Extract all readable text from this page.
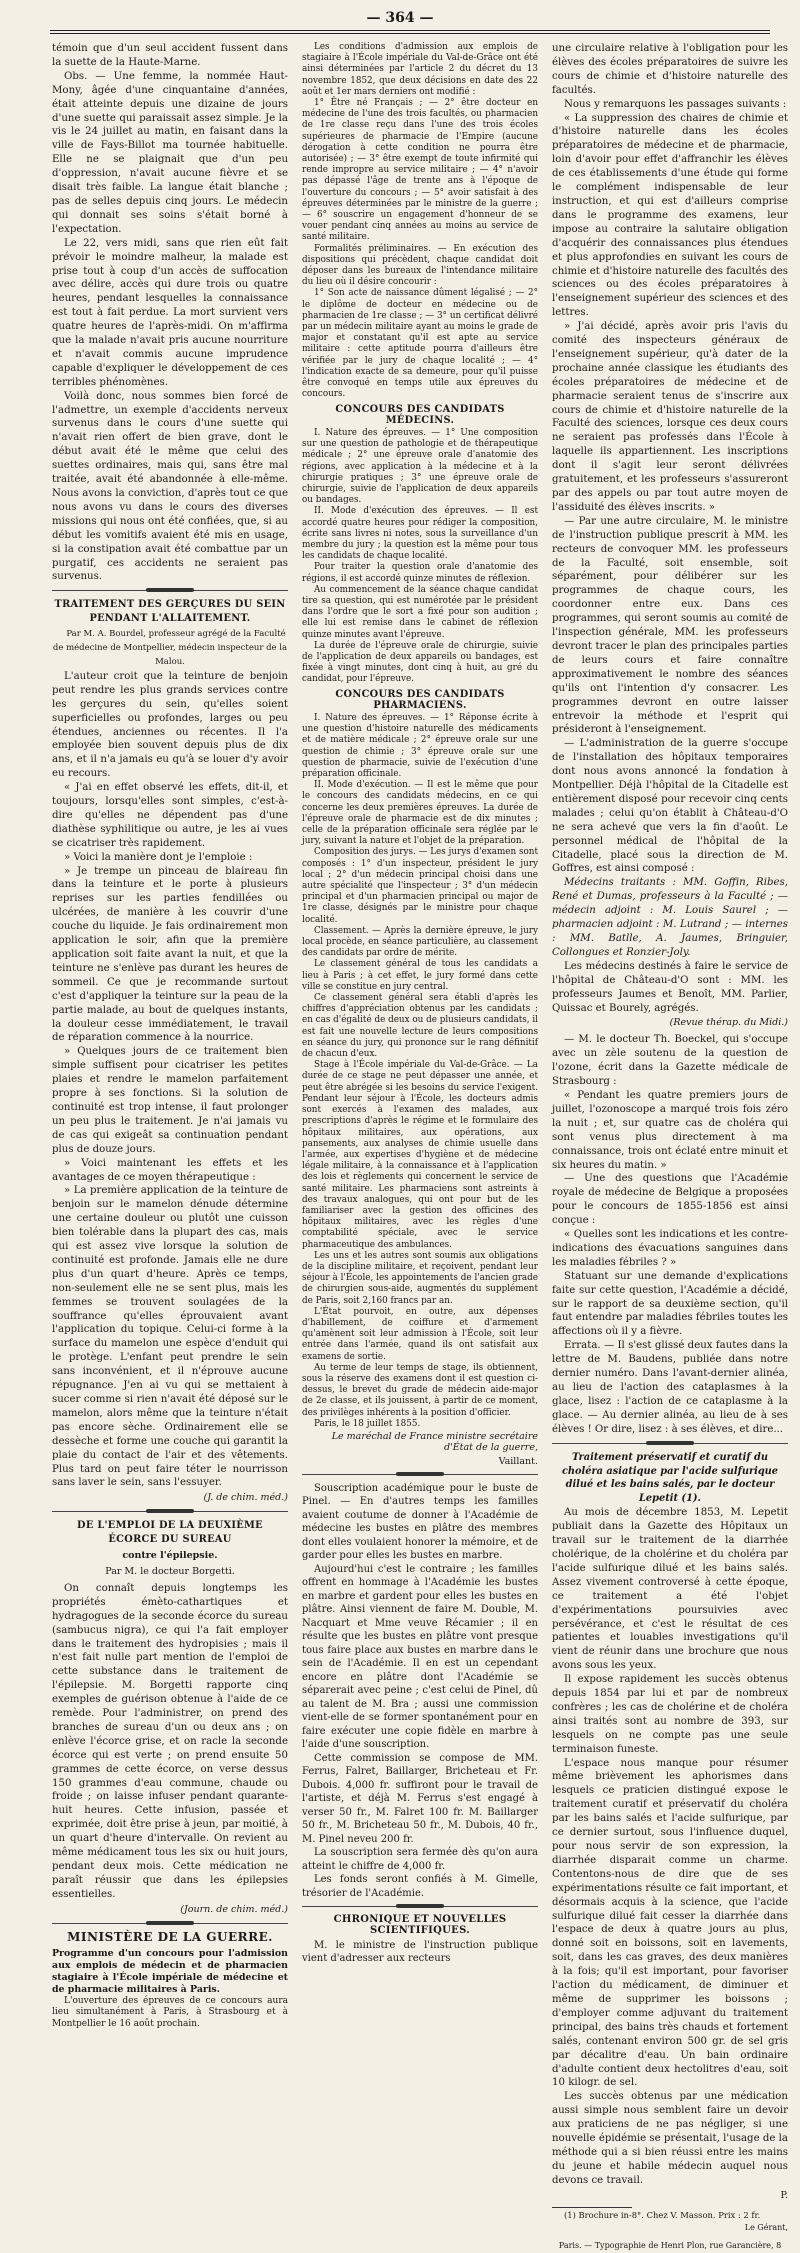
— 364 —

témoin que d'un seul accident fussent dans la suette de la Haute-Marne.

Obs. — Une femme, la nommée Haut-Mony, âgée d'une cinquantaine d'années, était atteinte depuis une dizaine de jours d'une suette qui paraissait assez simple. Je la vis le 24 juillet au matin, en faisant dans la ville de Fays-Billot ma tournée habituelle. Elle ne se plaignait que d'un peu d'oppression, n'avait aucune fièvre et se disait très faible. La langue était blanche ; pas de selles depuis cinq jours. Le médecin qui donnait ses soins s'était borné à l'expectation.

Le 22, vers midi, sans que rien eût fait prévoir le moindre malheur, la malade est prise tout à coup d'un accès de suffocation avec délire, accès qui dure trois ou quatre heures, pendant lesquelles la connaissance est tout à fait perdue. La mort survient vers quatre heures de l'après-midi. On m'affirma que la malade n'avait pris aucune nourriture et n'avait commis aucune imprudence capable d'expliquer le développement de ces terribles phénomènes.

Voilà donc, nous sommes bien forcé de l'admettre, un exemple d'accidents nerveux survenus dans le cours d'une suette qui n'avait rien offert de bien grave, dont le début avait été le même que celui des suettes ordinaires, mais qui, sans être mal traitée, avait été abandonnée à elle-même. Nous avons la conviction, d'après tout ce que nous avons vu dans le cours des diverses missions qui nous ont été confiées, que, si au début les vomitifs avaient été mis en usage, si la constipation avait été combattue par un purgatif, ces accidents ne seraient pas survenus.

TRAITEMENT DES GERÇURES DU SEIN PENDANT L'ALLAITEMENT.

Par M. A. Bourdel, professeur agrégé de la Faculté de médecine de Montpellier, médecin inspecteur de la Malou.

L'auteur croit que la teinture de benjoin peut rendre les plus grands services contre les gerçures du sein, qu'elles soient superficielles ou profondes, larges ou peu étendues, anciennes ou récentes. Il l'a employée bien souvent depuis plus de dix ans, et il n'a jamais eu qu'à se louer d'y avoir eu recours.

« J'ai en effet observé les effets, dit-il, et toujours, lorsqu'elles sont simples, c'est-à-dire qu'elles ne dépendent pas d'une diathèse syphilitique ou autre, je les ai vues se cicatriser très rapidement.

» Voici la manière dont je l'emploie :

» Je trempe un pinceau de blaireau fin dans la teinture et le porte à plusieurs reprises sur les parties fendillées ou ulcérées, de manière à les couvrir d'une couche du liquide. Je fais ordinairement mon application le soir, afin que la première application soit faite avant la nuit, et que la teinture ne s'enlève pas durant les heures de sommeil. Ce que je recommande surtout c'est d'appliquer la teinture sur la peau de la partie malade, au bout de quelques instants, la douleur cesse immédiatement, le travail de réparation commence à la nourrice.

» Quelques jours de ce traitement bien simple suffisent pour cicatriser les petites plaies et rendre le mamelon parfaitement propre à ses fonctions. Si la solution de continuité est trop intense, il faut prolonger un peu plus le traitement. Je n'ai jamais vu de cas qui exigeât sa continuation pendant plus de douze jours.

» Voici maintenant les effets et les avantages de ce moyen thérapeutique :

» La première application de la teinture de benjoin sur le mamelon dénude détermine une certaine douleur ou plutôt une cuisson bien tolérable dans la plupart des cas, mais qui est assez vive lorsque la solution de continuité est profonde. Jamais elle ne dure plus d'un quart d'heure. Après ce temps, non-seulement elle ne se sent plus, mais les femmes se trouvent soulagées de la souffrance qu'elles éprouvaient avant l'application du topique. Celui-ci forme à la surface du mamelon une espèce d'enduit qui le protège. L'enfant peut prendre le sein sans inconvénient, et il n'éprouve aucune répugnance. J'en ai vu qui se mettaient à sucer comme si rien n'avait été déposé sur le mamelon, alors même que la teinture n'était pas encore sèche. Ordinairement elle se dessèche et forme une couche qui garantit la plaie du contact de l'air et des vêtements. Plus tard on peut faire téter le nourrisson sans laver le sein, sans l'essuyer.

(J. de chim. méd.)
DE L'EMPLOI DE LA DEUXIÈME ÉCORCE DU SUREAU
contre l'épilepsie.
Par M. le docteur Borgetti.

On connaît depuis longtemps les propriétés émèto-cathartiques et hydragogues de la seconde écorce du sureau (sambucus nigra), ce qui l'a fait employer dans le traitement des hydropisies ; mais il n'est fait nulle part mention de l'emploi de cette substance dans le traitement de l'épilepsie. M. Borgetti rapporte cinq exemples de guérison obtenue à l'aide de ce remède. Pour l'administrer, on prend des branches de sureau d'un ou deux ans ; on enlève l'écorce grise, et on racle la seconde écorce qui est verte ; on prend ensuite 50 grammes de cette écorce, on verse dessus 150 grammes d'eau commune, chaude ou froide ; on laisse infuser pendant quarante-huit heures. Cette infusion, passée et exprimée, doit être prise à jeun, par moitié, à un quart d'heure d'intervalle. On revient au même médicament tous les six ou huit jours, pendant deux mois. Cette médication ne paraît réussir que dans les épilepsies essentielles.

(Journ. de chim. méd.)
MINISTÈRE DE LA GUERRE.

Programme d'un concours pour l'admission aux emplois de médecin et de pharmacien stagiaire à l'École impériale de médecine et de pharmacie militaires à Paris.

L'ouverture des épreuves de ce concours aura lieu simultanément à Paris, à Strasbourg et à Montpellier le 16 août prochain.

Les conditions d'admission aux emplois de stagiaire à l'École impériale du Val-de-Grâce ont été ainsi déterminées par l'article 2 du décret du 13 novembre 1852, que deux décisions en date des 22 août et 1er mars derniers ont modifié :

1° Être né Français ; — 2° être docteur en médecine de l'une des trois facultés, ou pharmacien de 1re classe reçu dans l'une des trois écoles supérieures de pharmacie de l'Empire (aucune dérogation à cette condition ne pourra être autorisée) ; — 3° être exempt de toute infirmité qui rende impropre au service militaire ; — 4° n'avoir pas dépassé l'âge de trente ans à l'époque de l'ouverture du concours ; — 5° avoir satisfait à des épreuves déterminées par le ministre de la guerre ; — 6° souscrire un engagement d'honneur de se vouer pendant cinq années au moins au service de santé militaire.

Formalités préliminaires. — En exécution des dispositions qui précèdent, chaque candidat doit déposer dans les bureaux de l'intendance militaire du lieu où il désire concourir :

1° Son acte de naissance dûment légalisé ; — 2° le diplôme de docteur en médecine ou de pharmacien de 1re classe ; — 3° un certificat délivré par un médecin militaire ayant au moins le grade de major et constatant qu'il est apte au service militaire : cette aptitude pourra d'ailleurs être vérifiée par le jury de chaque localité ; — 4° l'indication exacte de sa demeure, pour qu'il puisse être convoqué en temps utile aux épreuves du concours.

CONCOURS DES CANDIDATS MÉDECINS.

I. Nature des épreuves. — 1° Une composition sur une question de pathologie et de thérapeutique médicale ; 2° une épreuve orale d'anatomie des régions, avec application à la médecine et à la chirurgie pratiques ; 3° une épreuve orale de chirurgie, suivie de l'application de deux appareils ou bandages.

II. Mode d'exécution des épreuves. — Il est accordé quatre heures pour rédiger la composition, écrite sans livres ni notes, sous la surveillance d'un membre du jury ; la question est la même pour tous les candidats de chaque localité.

Pour traiter la question orale d'anatomie des régions, il est accordé quinze minutes de réflexion.

Au commencement de la séance chaque candidat tire sa question, qui est numérotée par le président dans l'ordre que le sort a fixé pour son audition ; elle lui est remise dans le cabinet de réflexion quinze minutes avant l'épreuve.

La durée de l'épreuve orale de chirurgie, suivie de l'application de deux appareils ou bandages, est fixée à vingt minutes, dont cinq à huit, au gré du candidat, pour l'épreuve.

CONCOURS DES CANDIDATS PHARMACIENS.

I. Nature des épreuves. — 1° Réponse écrite à une question d'histoire naturelle des médicaments et de matière médicale ; 2° épreuve orale sur une question de chimie ; 3° épreuve orale sur une question de pharmacie, suivie de l'exécution d'une préparation officinale.

II. Mode d'exécution. — Il est le même que pour le concours des candidats médecins, en ce qui concerne les deux premières épreuves. La durée de l'épreuve orale de pharmacie est de dix minutes ; celle de la préparation officinale sera réglée par le jury, suivant la nature et l'objet de la préparation.

Composition des jurys. — Les jurys d'examen sont composés : 1° d'un inspecteur, président le jury local ; 2° d'un médecin principal choisi dans une autre spécialité que l'inspecteur ; 3° d'un médecin principal et d'un pharmacien principal ou major de 1re classe, désignés par le ministre pour chaque localité.

Classement. — Après la dernière épreuve, le jury local procède, en séance particulière, au classement des candidats par ordre de mérite.

Le classement général de tous les candidats a lieu à Paris ; à cet effet, le jury formé dans cette ville se constitue en jury central.

Ce classement général sera établi d'après les chiffres d'appréciation obtenus par les candidats ; en cas d'égalité de deux ou de plusieurs candidats, il est fait une nouvelle lecture de leurs compositions en séance du jury, qui prononce sur le rang définitif de chacun d'eux.

Stage à l'École impériale du Val-de-Grâce. — La durée de ce stage ne peut dépasser une année, et peut être abrégée si les besoins du service l'exigent. Pendant leur séjour à l'École, les docteurs admis sont exercés à l'examen des malades, aux prescriptions d'après le régime et le formulaire des hôpitaux militaires, aux opérations, aux pansements, aux analyses de chimie usuelle dans l'armée, aux expertises d'hygiène et de médecine légale militaire, à la connaissance et à l'application des lois et règlements qui concernent le service de santé militaire. Les pharmaciens sont astreints à des travaux analogues, qui ont pour but de les familiariser avec la gestion des officines des hôpitaux militaires, avec les règles d'une comptabilité spéciale, avec le service pharmaceutique des ambulances.

Les uns et les autres sont soumis aux obligations de la discipline militaire, et reçoivent, pendant leur séjour à l'École, les appointements de l'ancien grade de chirurgien sous-aide, augmentés du supplément de Paris, soit 2,160 francs par an.

L'État pourvoit, en outre, aux dépenses d'habillement, de coiffure et d'armement qu'amènent soit leur admission à l'École, soit leur entrée dans l'armée, quand ils ont satisfait aux examens de sortie.

Au terme de leur temps de stage, ils obtiennent, sous la réserve des examens dont il est question ci-dessus, le brevet du grade de médecin aide-major de 2e classe, et ils jouissent, à partir de ce moment, des privilèges inhérents à la position d'officier.

Paris, le 18 juillet 1855.

Le maréchal de France ministre secrétaire d'État de la guerre,
Vaillant.

Souscription académique pour le buste de Pinel. — En d'autres temps les familles avaient coutume de donner à l'Académie de médecine les bustes en plâtre des membres dont elles voulaient honorer la mémoire, et de garder pour elles les bustes en marbre.

Aujourd'hui c'est le contraire ; les familles offrent en hommage à l'Académie les bustes en marbre et gardent pour elles les bustes en plâtre. Ainsi viennent de faire M. Double, M. Nacquart et Mme veuve Récamier ; il en résulte que les bustes en plâtre vont presque tous faire place aux bustes en marbre dans le sein de l'Académie. Il en est un cependant encore en plâtre dont l'Académie se séparerait avec peine ; c'est celui de Pinel, dû au talent de M. Bra ; aussi une commission vient-elle de se former spontanément pour en faire exécuter une copie fidèle en marbre à l'aide d'une souscription.

Cette commission se compose de MM. Ferrus, Falret, Baillarger, Bricheteau et Fr. Dubois. 4,000 fr. suffiront pour le travail de l'artiste, et déjà M. Ferrus s'est engagé à verser 50 fr., M. Falret 100 fr. M. Baillarger 50 fr., M. Bricheteau 50 fr., M. Dubois, 40 fr., M. Pinel neveu 200 fr.

La souscription sera fermée dès qu'on aura atteint le chiffre de 4,000 fr.

Les fonds seront confiés à M. Gimelle, trésorier de l'Académie.

CHRONIQUE ET NOUVELLES SCIENTIFIQUES.

M. le ministre de l'instruction publique vient d'adresser aux recteurs

une circulaire relative à l'obligation pour les élèves des écoles préparatoires de suivre les cours de chimie et d'histoire naturelle des facultés.

Nous y remarquons les passages suivants :

« La suppression des chaires de chimie et d'histoire naturelle dans les écoles préparatoires de médecine et de pharmacie, loin d'avoir pour effet d'affranchir les élèves de ces établissements d'une étude qui forme le complément indispensable de leur instruction, et qui est d'ailleurs comprise dans le programme des examens, leur impose au contraire la salutaire obligation d'acquérir des connaissances plus étendues et plus approfondies en suivant les cours de chimie et d'histoire naturelle des facultés des sciences ou des écoles préparatoires à l'enseignement supérieur des sciences et des lettres.

» J'ai décidé, après avoir pris l'avis du comité des inspecteurs généraux de l'enseignement supérieur, qu'à dater de la prochaine année classique les étudiants des écoles préparatoires de médecine et de pharmacie seraient tenus de s'inscrire aux cours de chimie et d'histoire naturelle de la Faculté des sciences, lorsque ces deux cours ne seraient pas professés dans l'École à laquelle ils appartiennent. Les inscriptions dont il s'agit leur seront délivrées gratuitement, et les professeurs s'assureront par des appels ou par tout autre moyen de l'assiduité des élèves inscrits. »

— Par une autre circulaire, M. le ministre de l'instruction publique prescrit à MM. les recteurs de convoquer MM. les professeurs de la Faculté, soit ensemble, soit séparément, pour délibérer sur les programmes de chaque cours, les coordonner entre eux. Dans ces programmes, qui seront soumis au comité de l'inspection générale, MM. les professeurs devront tracer le plan des principales parties de leurs cours et faire connaître approximativement le nombre des séances qu'ils ont l'intention d'y consacrer. Les programmes devront en outre laisser entrevoir la méthode et l'esprit qui présideront à l'enseignement.

— L'administration de la guerre s'occupe de l'installation des hôpitaux temporaires dont nous avons annoncé la fondation à Montpellier. Déjà l'hôpital de la Citadelle est entièrement disposé pour recevoir cinq cents malades ; celui qu'on établit à Château-d'O ne sera achevé que vers la fin d'août. Le personnel médical de l'hôpital de la Citadelle, placé sous la direction de M. Goffres, est ainsi composé :

Médecins traitants : MM. Goffin, Ribes, René et Dumas, professeurs à la Faculté ; — médecin adjoint : M. Louis Saurel ; — pharmacien adjoint : M. Lutrand ; — internes : MM. Batlle, A. Jaumes, Bringuier, Collongues et Ronzier-Joly.

Les médecins destinés à faire le service de l'hôpital de Château-d'O sont : MM. les professeurs Jaumes et Benoît, MM. Parlier, Quissac et Bourely, agrégés.

(Revue thérap. du Midi.)

— M. le docteur Th. Boeckel, qui s'occupe avec un zèle soutenu de la question de l'ozone, écrit dans la Gazette médicale de Strasbourg :

« Pendant les quatre premiers jours de juillet, l'ozonoscope a marqué trois fois zéro la nuit ; et, sur quatre cas de choléra qui sont venus plus directement à ma connaissance, trois ont éclaté entre minuit et six heures du matin. »

— Une des questions que l'Académie royale de médecine de Belgique a proposées pour le concours de 1855-1856 est ainsi conçue :

« Quelles sont les indications et les contre-indications des évacuations sanguines dans les maladies fébriles ? »

Statuant sur une demande d'explications faite sur cette question, l'Académie a décidé, sur le rapport de sa deuxième section, qu'il faut entendre par maladies fébriles toutes les affections où il y a fièvre.

Errata. — Il s'est glissé deux fautes dans la lettre de M. Baudens, publiée dans notre dernier numéro. Dans l'avant-dernier alinéa, au lieu de l'action des cataplasmes à la glace, lisez : l'action de ce cataplasme à la glace. — Au dernier alinéa, au lieu de à ses élèves ! Or dire, lisez : à ses élèves, et dire...

Traitement préservatif et curatif du choléra asiatique par l'acide sulfurique dilué et les bains salés, par le docteur Lepetit (1).

Au mois de décembre 1853, M. Lepetit publiait dans la Gazette des Hôpitaux un travail sur le traitement de la diarrhée cholérique, de la cholérine et du choléra par l'acide sulfurique dilué et les bains salés. Assez vivement controversé à cette époque, ce traitement a été l'objet d'expérimentations poursuivies avec persévérance, et c'est le résultat de ces patientes et louables investigations qu'il vient de réunir dans une brochure que nous avons sous les yeux.

Il expose rapidement les succès obtenus depuis 1854 par lui et par de nombreux confrères ; les cas de cholérine et de choléra ainsi traités sont au nombre de 393, sur lesquels on ne compte pas une seule terminaison funeste.

L'espace nous manque pour résumer même brièvement les aphorismes dans lesquels ce praticien distingué expose le traitement curatif et préservatif du choléra par les bains salés et l'acide sulfurique, par ce dernier surtout, sous l'influence duquel, pour nous servir de son expression, la diarrhée disparait comme un charme. Contentons-nous de dire que de ses expérimentations résulte ce fait important, et désormais acquis à la science, que l'acide sulfurique dilué fait cesser la diarrhée dans l'espace de deux à quatre jours au plus, donné soit en boissons, soit en lavements, soit, dans les cas graves, des deux manières à la fois; qu'il est important, pour favoriser l'action du médicament, de diminuer et même de supprimer les boissons ; d'employer comme adjuvant du traitement principal, des bains très chauds et fortement salés, contenant environ 500 gr. de sel gris par décalitre d'eau. Un bain ordinaire d'adulte contient deux hectolitres d'eau, soit 10 kilogr. de sel.

Les succès obtenus par une médication aussi simple nous semblent faire un devoir aux praticiens de ne pas négliger, si une nouvelle épidémie se présentait, l'usage de la méthode qui a si bien réussi entre les mains du jeune et habile médecin auquel nous devons ce travail.

P.

(1) Brochure in-8°. Chez V. Masson. Prix : 2 fr.

Le Gérant,
Paris. — Typographie de Henri Plon, rue Garancière, 8
